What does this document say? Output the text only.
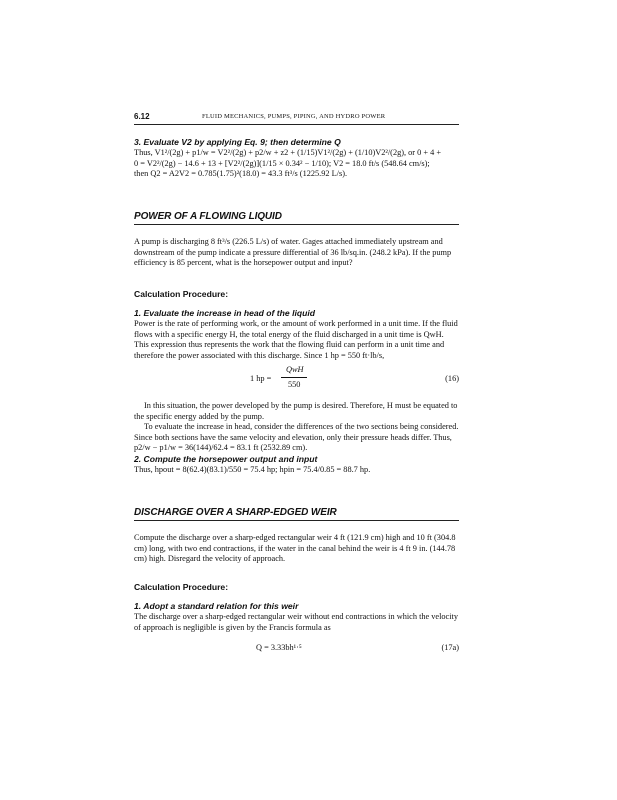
6.12	FLUID MECHANICS, PUMPS, PIPING, AND HYDRO POWER
3. Evaluate V2 by applying Eq. 9; then determine Q

Thus, V1²/(2g) + p1/w = V2²/(2g) + p2/w + z2 + (1/15)V1²/(2g) + (1/10)V2²/(2g), or 0 + 4 +

0 = V2²/(2g) − 14.6 + 13 + [V2²/(2g)](1/15 × 0.34² − 1/10); V2 = 18.0 ft/s (548.64 cm/s);

then Q2 = A2V2 = 0.785(1.75)²(18.0) = 43.3 ft³/s (1225.92 L/s).

POWER OF A FLOWING LIQUID
A pump is discharging 8 ft³/s (226.5 L/s) of water. Gages attached immediately upstream and downstream of the pump indicate a pressure differential of 36 lb/sq.in. (248.2 kPa). If the pump efficiency is 85 percent, what is the horsepower output and input?
Calculation Procedure:
1. Evaluate the increase in head of the liquid

Power is the rate of performing work, or the amount of work performed in a unit time. If the fluid flows with a specific energy H, the total energy of the fluid discharged in a unit time is QwH. This expression thus represents the work that the flowing fluid can perform in a unit time and therefore the power associated with this discharge. Since 1 hp = 550 ft·lb/s,

1 hp =
QwH
550
(16)

In this situation, the power developed by the pump is desired. Therefore, H must be equated to the specific energy added by the pump.

To evaluate the increase in head, consider the differences of the two sections being considered. Since both sections have the same velocity and elevation, only their pressure heads differ. Thus, p2/w − p1/w = 36(144)/62.4 = 83.1 ft (2532.89 cm).

2. Compute the horsepower output and input

Thus, hpout = 8(62.4)(83.1)/550 = 75.4 hp; hpin = 75.4/0.85 = 88.7 hp.

DISCHARGE OVER A SHARP-EDGED WEIR
Compute the discharge over a sharp-edged rectangular weir 4 ft (121.9 cm) high and 10 ft (304.8 cm) long, with two end contractions, if the water in the canal behind the weir is 4 ft 9 in. (144.78 cm) high. Disregard the velocity of approach.
Calculation Procedure:
1. Adopt a standard relation for this weir

The discharge over a sharp-edged rectangular weir without end contractions in which the velocity of approach is negligible is given by the Francis formula as

Q = 3.33bh¹·⁵	(17a)
